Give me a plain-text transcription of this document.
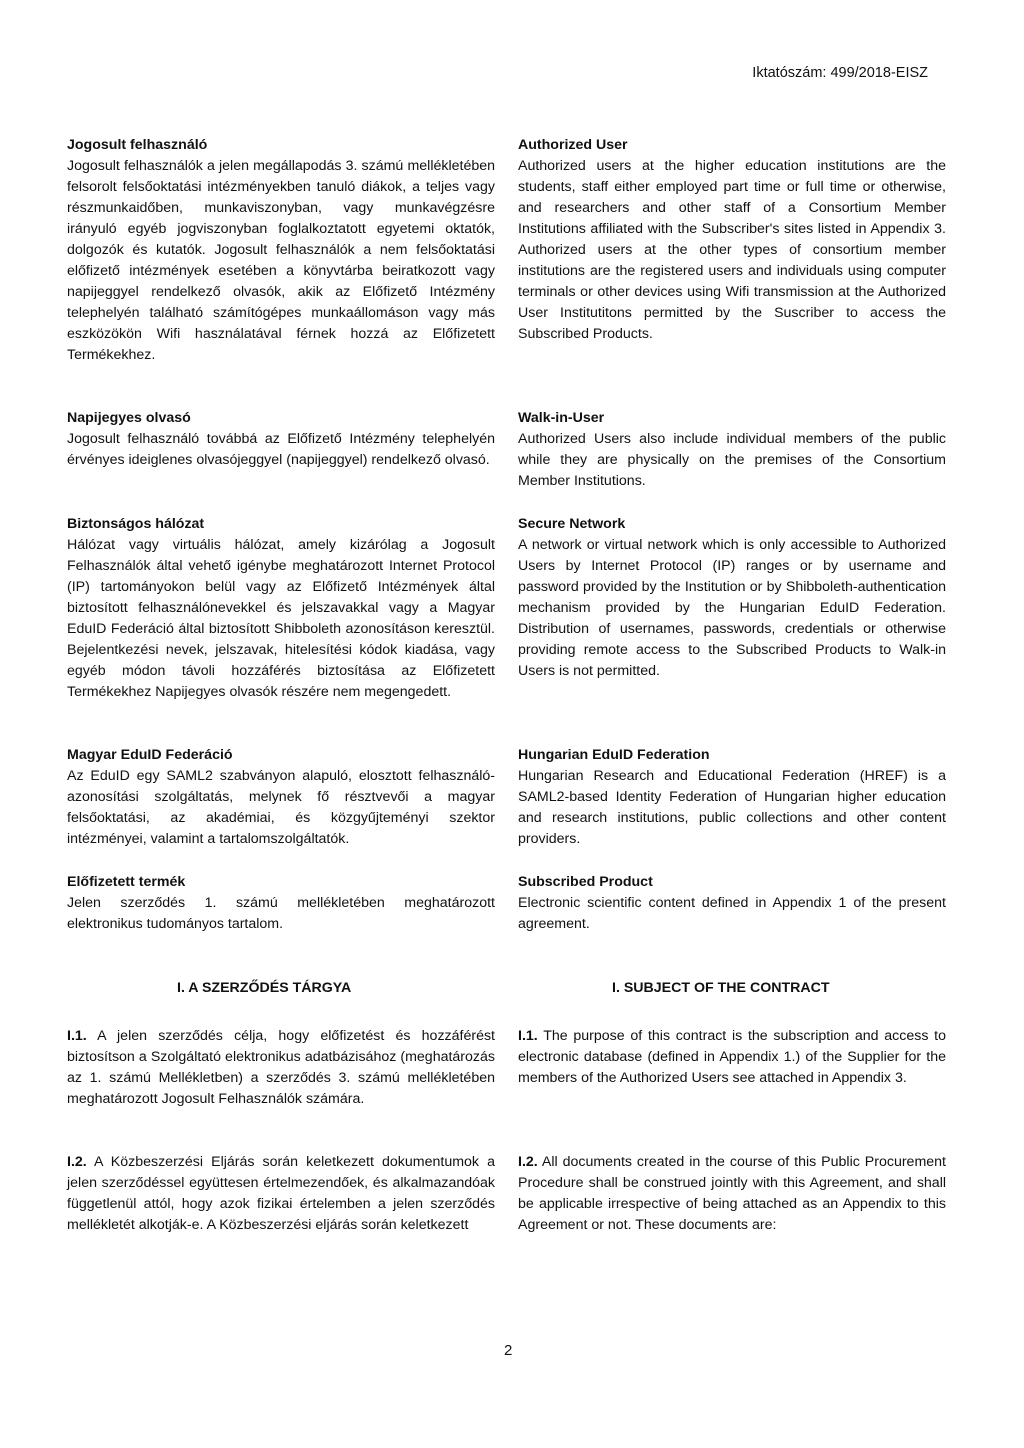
Iktatószám: 499/2018-EISZ

Jogosult felhasználó

Jogosult felhasználók a jelen megállapodás 3. számú mellékletében felsorolt felsőoktatási intézményekben tanuló diákok, a teljes vagy részmunkaidőben, munkaviszonyban, vagy munkavégzésre irányuló egyéb jogviszonyban foglalkoztatott egyetemi oktatók, dolgozók és kutatók. Jogosult felhasználók a nem felsőoktatási előfizető intézmények esetében a könyvtárba beiratkozott vagy napijeggyel rendelkező olvasók, akik az Előfizető Intézmény telephelyén található számítógépes munkaállomáson vagy más eszközökön Wifi használatával férnek hozzá az Előfizetett Termékekhez.

Napijegyes olvasó

Jogosult felhasználó továbbá az Előfizető Intézmény telephelyén érvényes ideiglenes olvasójeggyel (napijeggyel) rendelkező olvasó.

Biztonságos hálózat

Hálózat vagy virtuális hálózat, amely kizárólag a Jogosult Felhasználók által vehető igénybe meghatározott Internet Protocol (IP) tartományokon belül vagy az Előfizető Intézmények által biztosított felhasználónevekkel és jelszavakkal vagy a Magyar EduID Federáció által biztosított Shibboleth azonosításon keresztül. Bejelentkezési nevek, jelszavak, hitelesítési kódok kiadása, vagy egyéb módon távoli hozzáférés biztosítása az Előfizetett Termékekhez Napijegyes olvasók részére nem megengedett.

Magyar EduID Federáció

Az EduID egy SAML2 szabványon alapuló, elosztott felhasználó-azonosítási szolgáltatás, melynek fő résztvevői a magyar felsőoktatási, az akadémiai, és közgyűjteményi szektor intézményei, valamint a tartalomszolgáltatók.

Előfizetett termék

Jelen szerződés 1. számú mellékletében meghatározott elektronikus tudományos tartalom.

I. A SZERZŐDÉS TÁRGYA

I.1. A jelen szerződés célja, hogy előfizetést és hozzáférést biztosítson a Szolgáltató elektronikus adatbázisához (meghatározás az 1. számú Mellékletben) a szerződés 3. számú mellékletében meghatározott Jogosult Felhasználók számára.

I.2. A Közbeszerzési Eljárás során keletkezett dokumentumok a jelen szerződéssel együttesen értelmezendőek, és alkalmazandóak függetlenül attól, hogy azok fizikai értelemben a jelen szerződés mellékletét alkotják-e. A Közbeszerzési eljárás során keletkezett

Authorized User

Authorized users at the higher education institutions are the students, staff either employed part time or full time or otherwise, and researchers and other staff of a Consortium Member Institutions affiliated with the Subscriber's sites listed in Appendix 3. Authorized users at the other types of consortium member institutions are the registered users and individuals using computer terminals or other devices using Wifi transmission at the Authorized User Institutitons permitted by the Suscriber to access the Subscribed Products.

Walk-in-User

Authorized Users also include individual members of the public while they are physically on the premises of the Consortium Member Institutions.

Secure Network

A network or virtual network which is only accessible to Authorized Users by Internet Protocol (IP) ranges or by username and password provided by the Institution or by Shibboleth-authentication mechanism provided by the Hungarian EduID Federation. Distribution of usernames, passwords, credentials or otherwise providing remote access to the Subscribed Products to Walk-in Users is not permitted.

Hungarian EduID Federation

Hungarian Research and Educational Federation (HREF) is a SAML2-based Identity Federation of Hungarian higher education and research institutions, public collections and other content providers.

Subscribed Product

Electronic scientific content defined in Appendix 1 of the present agreement.

I. SUBJECT OF THE CONTRACT

I.1. The purpose of this contract is the subscription and access to electronic database (defined in Appendix 1.) of the Supplier for the members of the Authorized Users see attached in Appendix 3.

I.2. All documents created in the course of this Public Procurement Procedure shall be construed jointly with this Agreement, and shall be applicable irrespective of being attached as an Appendix to this Agreement or not. These documents are:

2
